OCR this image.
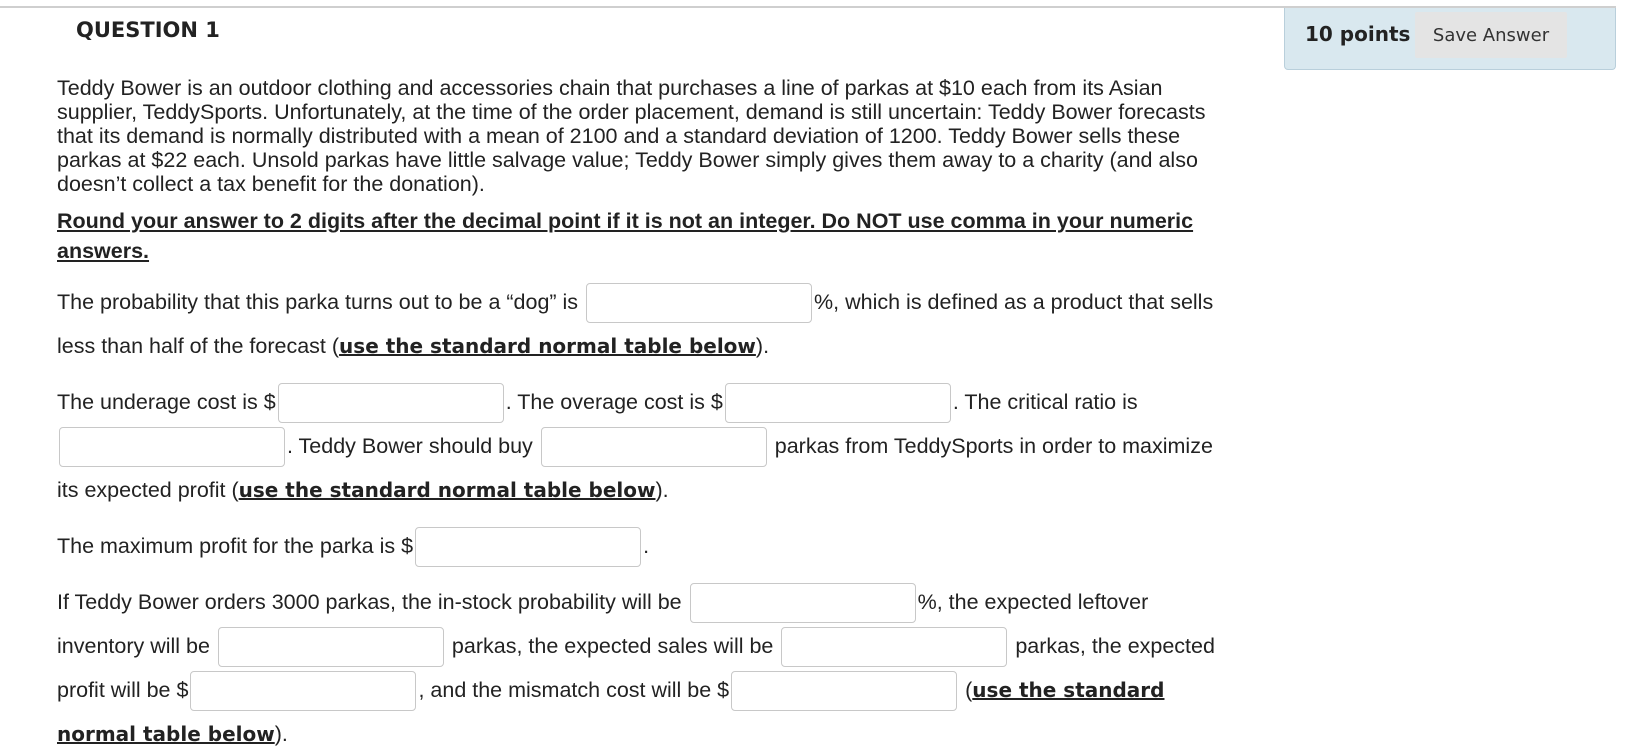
QUESTION 1	10 points	Save Answer

Teddy Bower is an outdoor clothing and accessories chain that purchases a line of parkas at $10 each from its Asian supplier, TeddySports. Unfortunately, at the time of the order placement, demand is still uncertain: Teddy Bower forecasts that its demand is normally distributed with a mean of 2100 and a standard deviation of 1200. Teddy Bower sells these parkas at $22 each. Unsold parkas have little salvage value; Teddy Bower simply gives them away to a charity (and also doesn’t collect a tax benefit for the donation).

Round your answer to 2 digits after the decimal point if it is not an integer. Do NOT use comma in your numeric answers.

The probability that this parka turns out to be a “dog” is	%, which is defined as a product that sells less than half of the forecast (use the standard normal table below).

The underage cost is $	. The overage cost is $	. The critical ratio is . Teddy Bower should buy	parkas from TeddySports in order to maximize its expected profit (use the standard normal table below).

The maximum profit for the parka is $	.

If Teddy Bower orders 3000 parkas, the in-stock probability will be	%, the expected leftover inventory will be	parkas, the expected sales will be	parkas, the expected profit will be $	, and the mismatch cost will be $	(use the standard normal table below).
